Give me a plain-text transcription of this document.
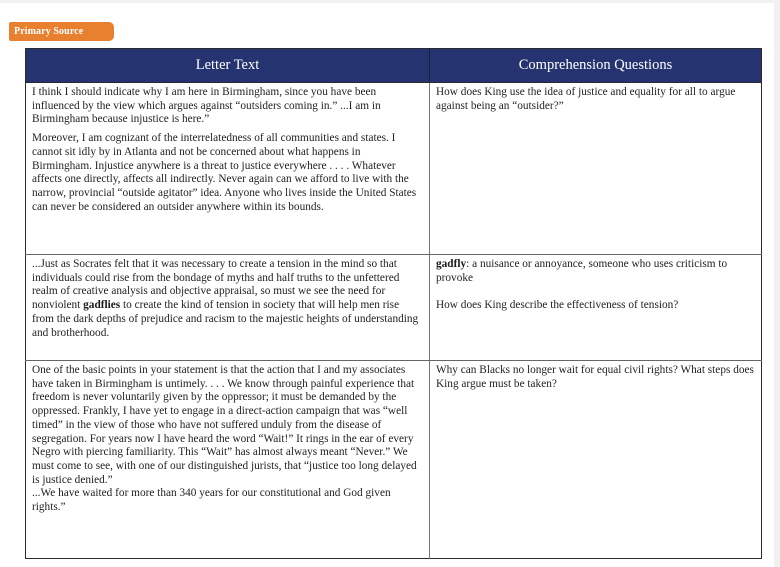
Primary Source
Letter Text	Comprehension Questions

I think I should indicate why I am here in Birmingham, since you have been influenced by the view which argues against “outsiders coming in.” ...I am in Birmingham because injustice is here.”

Moreover, I am cognizant of the interrelatedness of all communities and states. I cannot sit idly by in Atlanta and not be concerned about what happens in Birmingham. Injustice anywhere is a threat to justice everywhere . . . . Whatever affects one directly, affects all indirectly. Never again can we afford to live with the narrow, provincial “outside agitator” idea. Anyone who lives inside the United States can never be considered an outsider anywhere within its bounds.	How does King use the idea of justice and equality for all to argue against being an “outsider?”

...Just as Socrates felt that it was necessary to create a tension in the mind so that individuals could rise from the bondage of myths and half truths to the unfettered realm of creative analysis and objective appraisal, so must we see the need for nonviolent gadflies to create the kind of tension in society that will help men rise from the dark depths of prejudice and racism to the majestic heights of understanding and brotherhood.	gadfly: a nuisance or annoyance, someone who uses criticism to provoke

How does King describe the effectiveness of tension?

One of the basic points in your statement is that the action that I and my associates have taken in Birmingham is untimely. . . . We know through painful experience that freedom is never voluntarily given by the oppressor; it must be demanded by the oppressed. Frankly, I have yet to engage in a direct-action campaign that was “well timed” in the view of those who have not suffered unduly from the disease of segregation. For years now I have heard the word “Wait!” It rings in the ear of every Negro with piercing familiarity. This “Wait” has almost always meant “Never.” We must come to see, with one of our distinguished jurists, that “justice too long delayed is justice denied.”

...We have waited for more than 340 years for our constitutional and God given rights.”	Why can Blacks no longer wait for equal civil rights? What steps does King argue must be taken?
